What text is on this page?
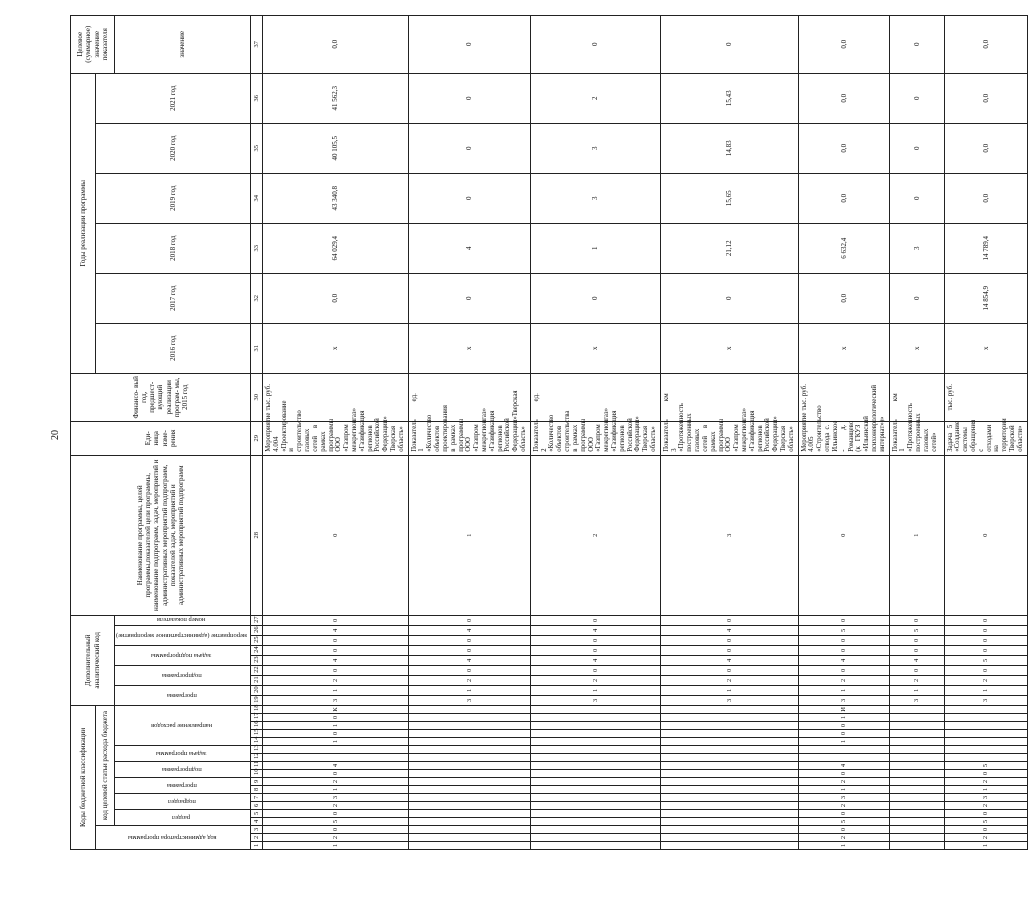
20
Коды бюджетной классификации																		Дополнительный аналитический код									Наименование программы, целей программы,показателей цели программы, наименование подпрограмм, задач, мероприятий и административных мероприятий подпрограмм, показателей задач, мероприятий и административных мероприятий подпрограмм	Еди- ница изме- рения	Финансо- вый год, предшест- вующий реализации програм- мы, 2015 год	Годы реализации программы						Целевое (суммарное) значение показателя	
код администратора программы			код целевой статьи расхода бюджета																											2016 год	2017 год	2018 год	2019 год	2020 год	2021 год		
			раздел		подраздел		программа		подпрограмма		задача программы		направление расходов					программа		подпрограмма		задача подпрограммы		мероприятие (административное мероприятие)		номер показателя										значение	
1	2	3	4	5	6	7	8	9	10	11	12	13	14	15	16	17	18	19	20	21	22	23	24	25	26	27	28	29	30	31	32	33	34	35	36	37	
1	2	0	5	0	2	3	1	2	0	4			1	0	1	0	К	3	1	2	0	4	0	0	4	0	0	Мероприятие 4.004 «Проектирование и строительство газовых сетей в рамках программы ООО «Газпром межрегионгаз» «Газификация регионов Российской Федерации» Тверская область»	тыс. руб.	х	0,0	64 029,4	43 340,8	40 105,5	41 562,3	0,0	
																		3	1	2	0	4	0	0	4	0	1	Показатель 1 «Количество объектов проектирования в рамках программы ООО «Газпром межрегионгаз» «Газификация регионов Российской Федерации»Тверская область»	ед.	х	0	4	0	0	0	0	
																		3	1	2	0	4	0	0	4	0	2	Показатель 2 «Количество объектов строительства в рамках программы ООО «Газпром межрегионгаз» «Газификация регионов Российской Федерации» Тверская область»	ед.	х	0	1	3	3	2	0	
																		3	1	2	0	4	0	0	4	0	3	Показатель 3 «Протяженность построенных газовых сетей в рамках программы ООО «Газпром межрегионгаз» «Газификация регионов Российской Федерации» Тверская область»	км	х	0	21,12	15,65	14,83	15,43	0	
1	2	0	5	0	2	3	1	2	0	4			1	0	0	1	И	3	1	2	0	4	0	0	5	0	0	Мероприятие 4.005 «Строительство отвода с. Ильинское - д. Романцево (к ГКУЗ «Ильинский психоневрологический интернат»)»	тыс. руб.	х	0,0	6 632,4	0,0	0,0	0,0	0,0	
																		3	1	2	0	4	0	0	5	0	1	Показатель 1 «Протяженность построенных газовых сетей»	км	х	0	3	0	0	0	0	
1	2	0	5	0	2	3	1	2	0	5								3	1	2	0	5	0	0	0	0	0	Задача 5 «Создание системы обращения с отходами на территории Тверской области»	тыс. руб.	х	14 854,9	14 789,4	0,0	0,0	0,0	0,0	
